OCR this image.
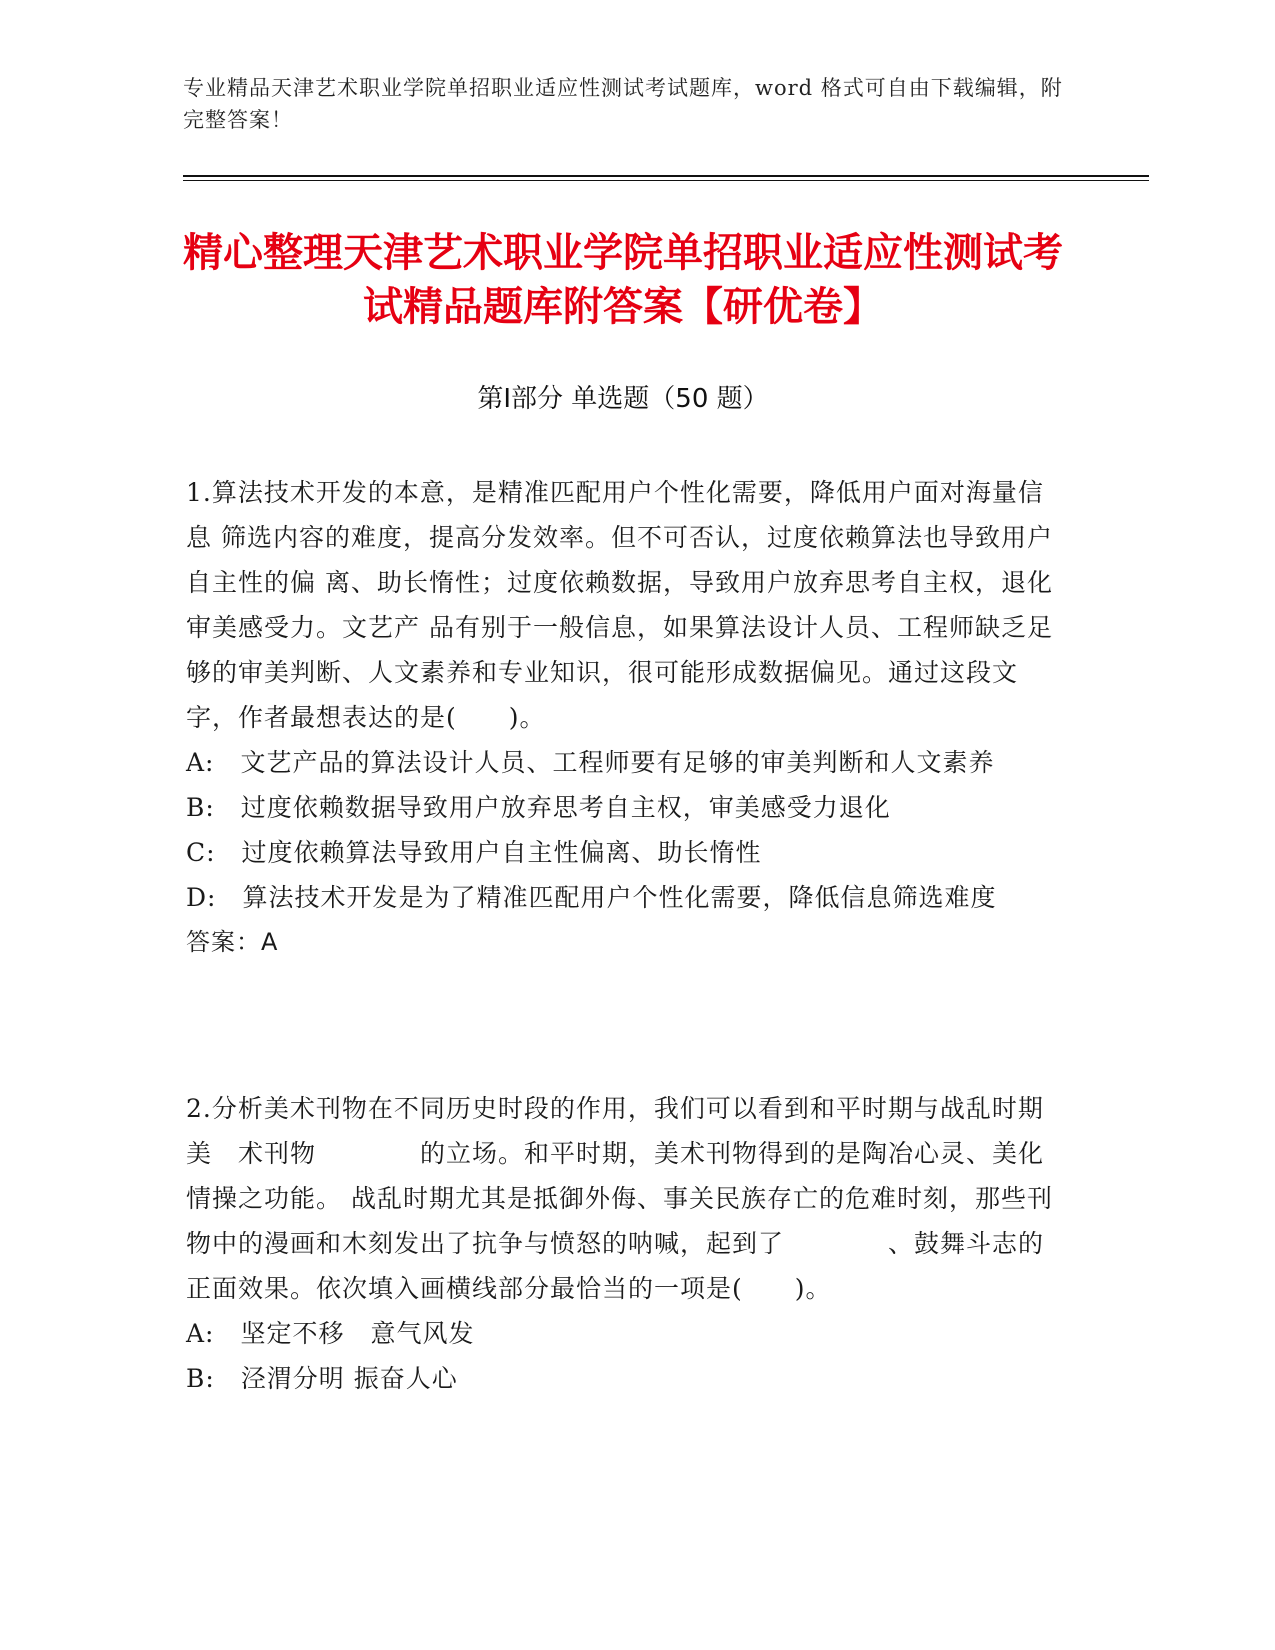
专业精品天津艺术职业学院单招职业适应性测试考试题库，word 格式可自由下载编辑，附完整答案！
精心整理天津艺术职业学院单招职业适应性测试考试精品题库附答案【研优卷】
第Ⅰ部分 单选题（50 题）

1.算法技术开发的本意，是精准匹配用户个性化需要，降低用户面对海量信息 筛选内容的难度，提高分发效率。但不可否认，过度依赖算法也导致用户自主性的偏 离、助长惰性；过度依赖数据，导致用户放弃思考自主权，退化审美感受力。文艺产 品有别于一般信息，如果算法设计人员、工程师缺乏足够的审美判断、人文素养和专业知识，很可能形成数据偏见。通过这段文字，作者最想表达的是(　　)。

A:　文艺产品的算法设计人员、工程师要有足够的审美判断和人文素养

B:　过度依赖数据导致用户放弃思考自主权，审美感受力退化

C:　过度依赖算法导致用户自主性偏离、助长惰性

D:　算法技术开发是为了精准匹配用户个性化需要，降低信息筛选难度

答案：A

2.分析美术刊物在不同历史时段的作用，我们可以看到和平时期与战乱时期美　术刊物　　　　的立场。和平时期，美术刊物得到的是陶冶心灵、美化情操之功能。 战乱时期尤其是抵御外侮、事关民族存亡的危难时刻，那些刊物中的漫画和木刻发出了抗争与愤怒的呐喊，起到了　　　　、鼓舞斗志的正面效果。依次填入画横线部分最恰当的一项是(　　)。

A:　坚定不移　意气风发

B:　泾渭分明 振奋人心
